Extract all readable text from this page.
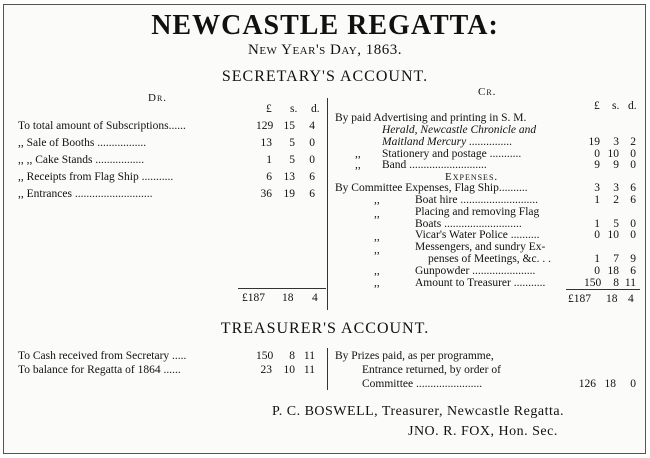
NEWCASTLE REGATTA:
New Year's Day, 1863.
SECRETARY'S ACCOUNT.
Dr.	Cr.
£ s. d.	£ s. d.
To total amount of Subscriptions......	129 15	4
,, Sale of Booths .................	13	5	0
,, ,, Cake Stands .................	1	5	0
,, Receipts from Flag Ship ...........	6	13	6
,, Entrances ...........................	36	19	6
£187 18 4
By paid Advertising and printing in S. M.
Herald, Newcastle Chronicle and
Maitland Mercury ...............	19	3 2
,, Stationery and postage ...........	0 10 0
,, Band ...........................	9	9 0
Expenses.
By Committee Expenses, Flag Ship..........	3	3 6
,,	Boat hire ...........................	1	2 6
,,	Placing and removing Flag
Boats ...........................	1	5 0
,,	Vicar's Water Police ..........	0 10 0
,,	Messengers, and sundry Ex-
penses of Meetings, &c. . .	1	7 9
,,	Gunpowder ......................	0 18 6
,,	Amount to Treasurer ...........	150	8 11
£187 18 4
TREASURER'S ACCOUNT.
To Cash received from Secretary .....	150	8 11
To balance for Regatta of 1864 ......	23	10 11
By Prizes paid, as per programme,
Entrance returned, by order of
Committee .......................	126 18	0
P. C. BOSWELL, Treasurer, Newcastle Regatta.
JNO. R. FOX, Hon. Sec.
